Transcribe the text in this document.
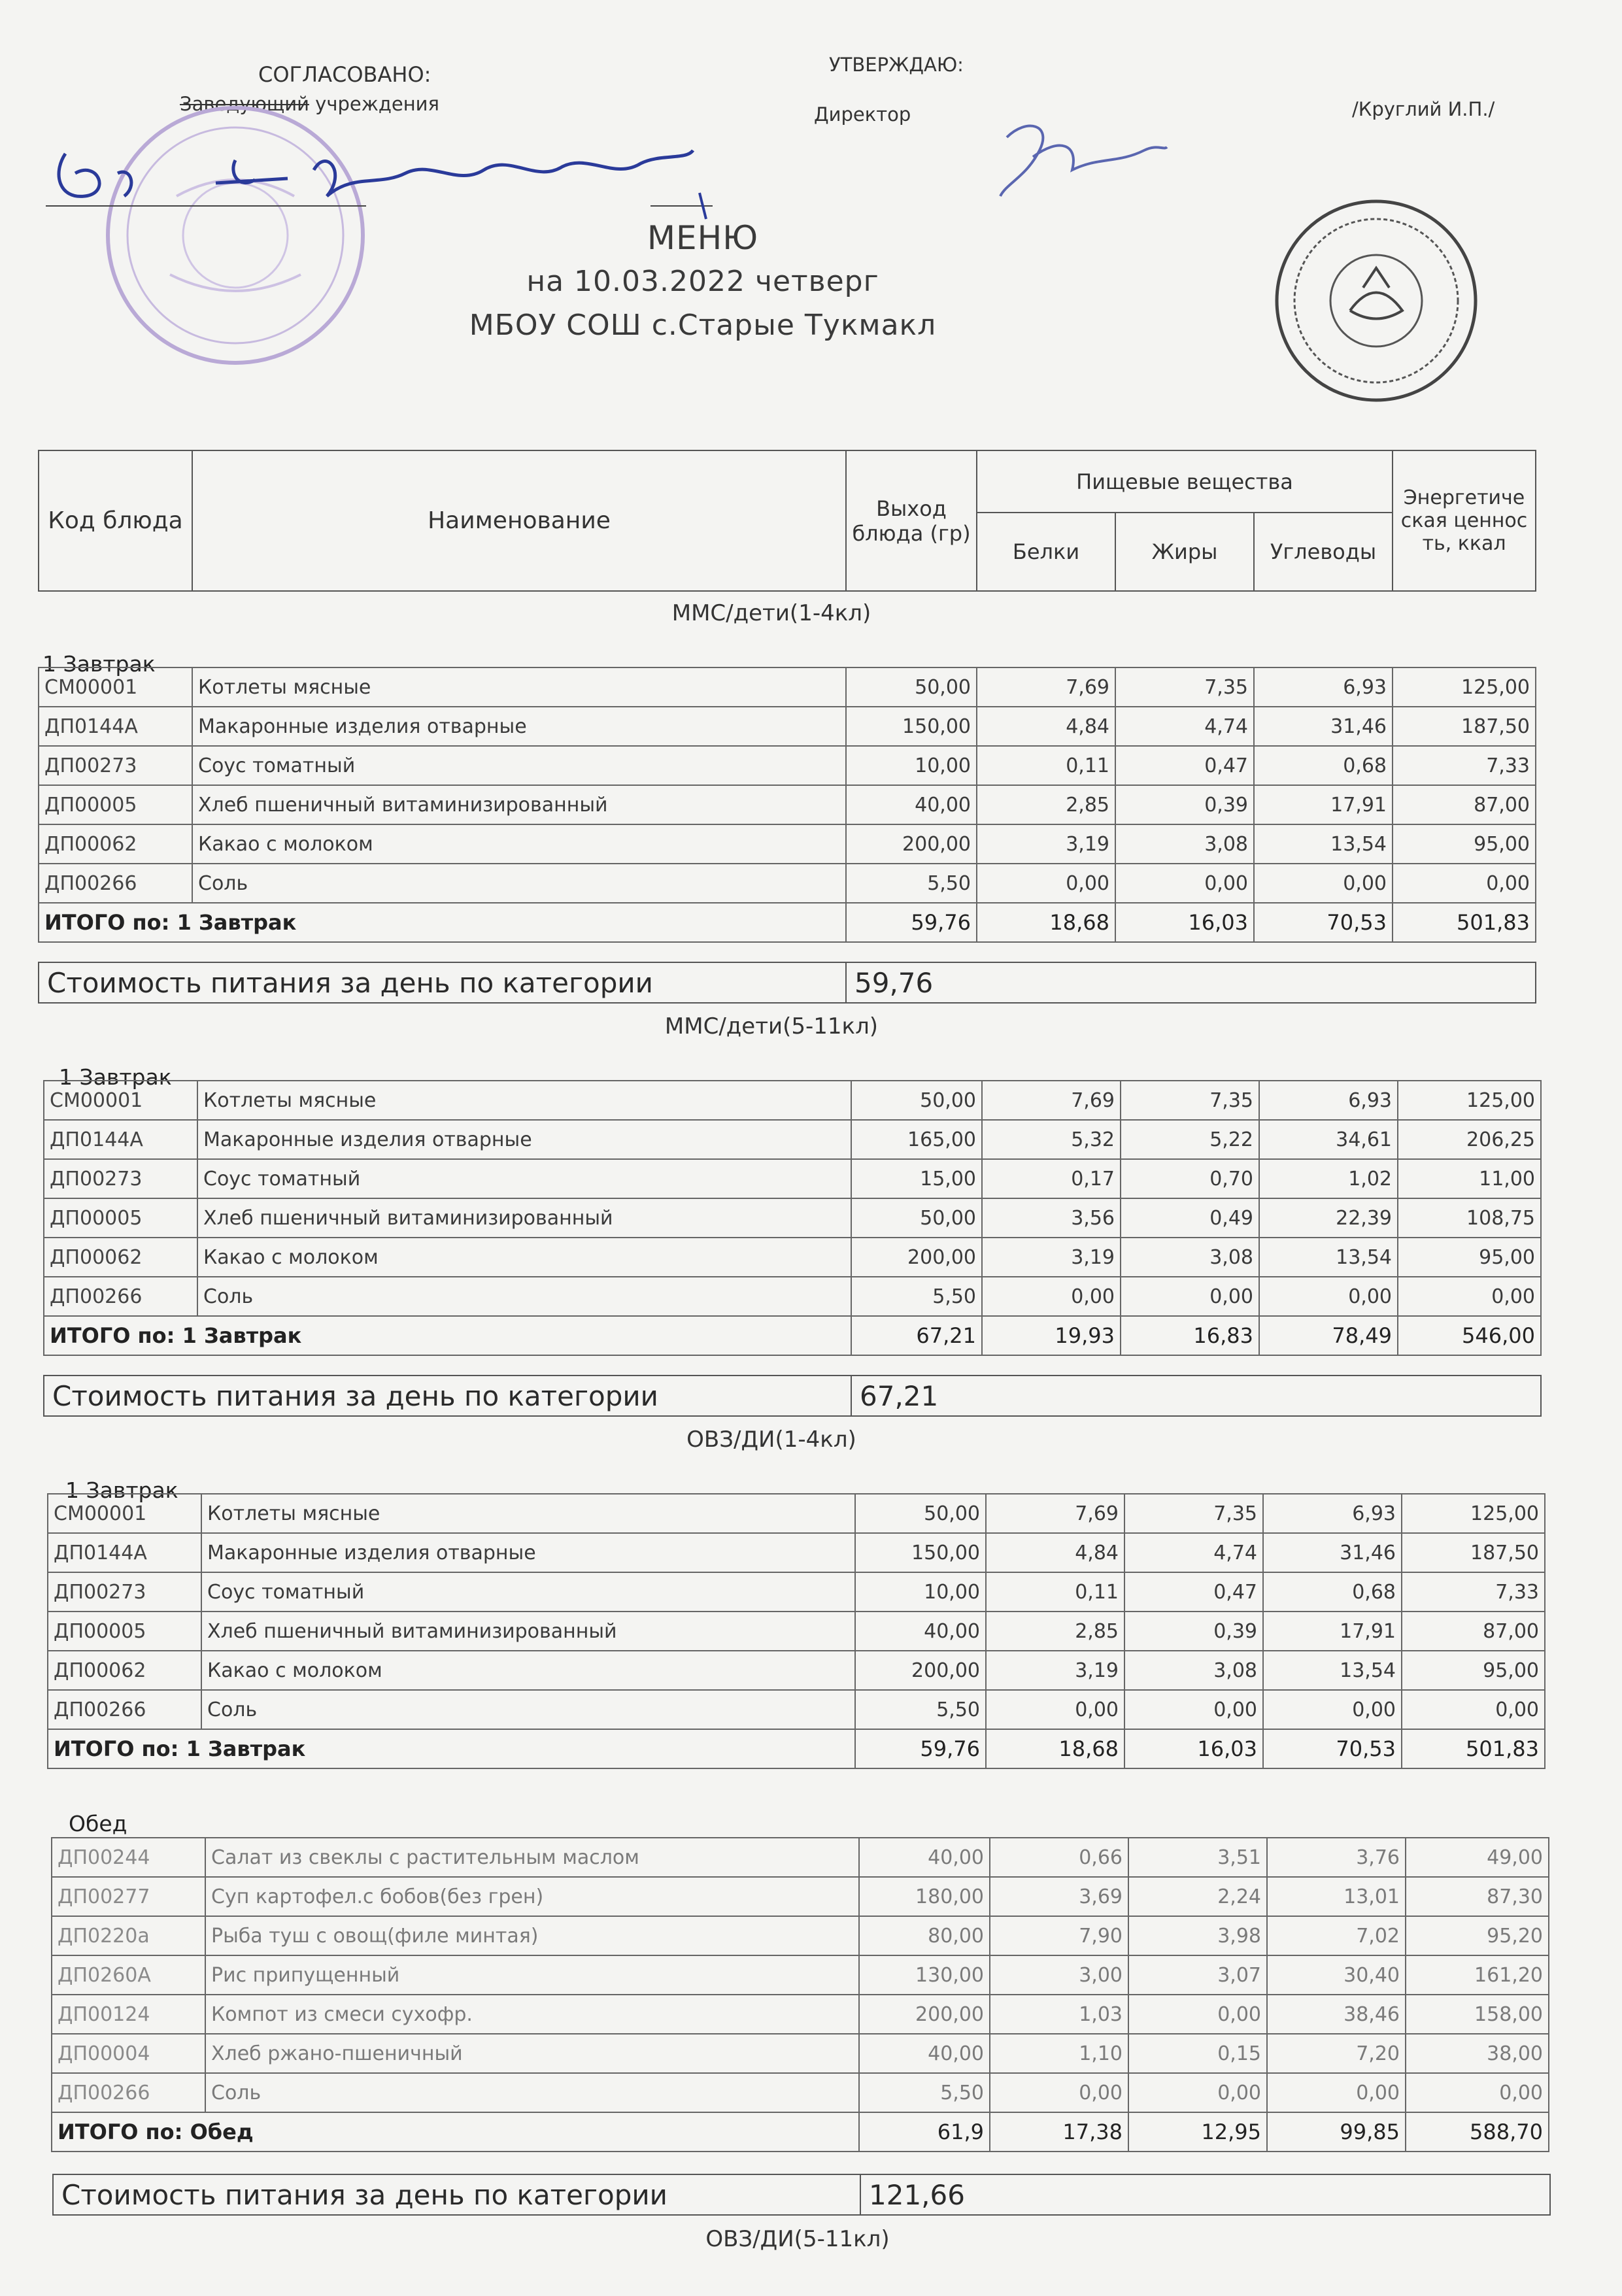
СОГЛАСОВАНО:
Заведующий учреждения
УТВЕРЖДАЮ:
Директор	/Круглий И.П./
МЕНЮ
на 10.03.2022 четверг
МБОУ СОШ с.Старые Тукмакл
Код блюда	Наименование	Выход блюда (гр)	Пищевые вещества			Энергетическая ценность, ккал
			Белки	Жиры	Углеводы	
ММС/дети(1-4кл)
1 Завтрак
СМ00001	Котлеты мясные	50,00	7,69	7,35	6,93	125,00
ДП0144А	Макаронные изделия отварные	150,00	4,84	4,74	31,46	187,50
ДП00273	Соус томатный	10,00	0,11	0,47	0,68	7,33
ДП00005	Хлеб пшеничный витаминизированный	40,00	2,85	0,39	17,91	87,00
ДП00062	Какао с молоком	200,00	3,19	3,08	13,54	95,00
ДП00266	Соль	5,50	0,00	0,00	0,00	0,00
ИТОГО по: 1 Завтрак		59,76	18,68	16,03	70,53	501,83
Стоимость питания за день по категории	59,76
ММС/дети(5-11кл)
1 Завтрак
СМ00001	Котлеты мясные	50,00	7,69	7,35	6,93	125,00
ДП0144А	Макаронные изделия отварные	165,00	5,32	5,22	34,61	206,25
ДП00273	Соус томатный	15,00	0,17	0,70	1,02	11,00
ДП00005	Хлеб пшеничный витаминизированный	50,00	3,56	0,49	22,39	108,75
ДП00062	Какао с молоком	200,00	3,19	3,08	13,54	95,00
ДП00266	Соль	5,50	0,00	0,00	0,00	0,00
ИТОГО по: 1 Завтрак		67,21	19,93	16,83	78,49	546,00
Стоимость питания за день по категории	67,21
ОВЗ/ДИ(1-4кл)
1 Завтрак
СМ00001	Котлеты мясные	50,00	7,69	7,35	6,93	125,00
ДП0144А	Макаронные изделия отварные	150,00	4,84	4,74	31,46	187,50
ДП00273	Соус томатный	10,00	0,11	0,47	0,68	7,33
ДП00005	Хлеб пшеничный витаминизированный	40,00	2,85	0,39	17,91	87,00
ДП00062	Какао с молоком	200,00	3,19	3,08	13,54	95,00
ДП00266	Соль	5,50	0,00	0,00	0,00	0,00
ИТОГО по: 1 Завтрак		59,76	18,68	16,03	70,53	501,83
Обед
ДП00244	Салат из свеклы с растительным маслом	40,00	0,66	3,51	3,76	49,00
ДП00277	Суп картофел.с бобов(без грен)	180,00	3,69	2,24	13,01	87,30
ДП0220а	Рыба туш с овощ(филе минтая)	80,00	7,90	3,98	7,02	95,20
ДП0260А	Рис припущенный	130,00	3,00	3,07	30,40	161,20
ДП00124	Компот из смеси сухофр.	200,00	1,03	0,00	38,46	158,00
ДП00004	Хлеб ржано-пшеничный	40,00	1,10	0,15	7,20	38,00
ДП00266	Соль	5,50	0,00	0,00	0,00	0,00
ИТОГО по: Обед		61,9	17,38	12,95	99,85	588,70
Стоимость питания за день по категории	121,66
ОВЗ/ДИ(5-11кл)
